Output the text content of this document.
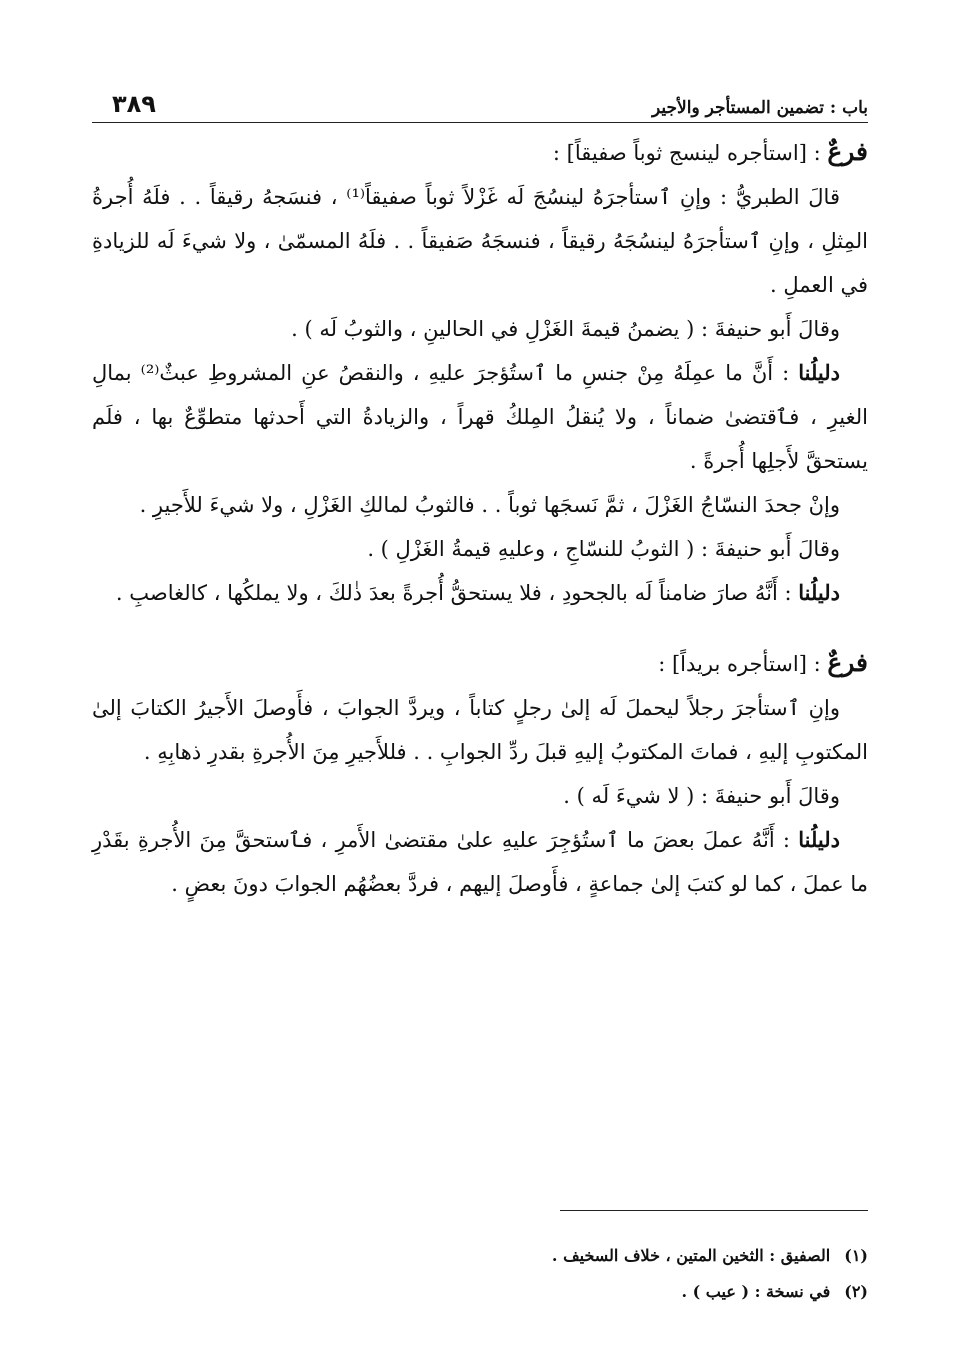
باب : تضمين المستأجر والأجير
٣٨٩

فرعٌ : [استأجره لينسج ثوباً صفيقاً] :

قالَ الطبريُّ : وإنِ ٱستأجرَهُ لينسُجَ لَه غَزْلاً ثوباً صفيقاً⁽¹⁾ ، فنسَجهُ رقيقاً . . فلَهُ أُجرةُ المِثلِ ، وإنِ ٱستأجرَهُ لينسُجَهُ رقيقاً ، فنسجَهُ صَفيقاً . . فلَهُ المسمّىٰ ، ولا شيءَ لَه للزيادةِ في العملِ .

وقالَ أَبو حنيفةَ : ( يضمنُ قيمةَ الغَزْلِ في الحالينِ ، والثوبُ لَه ) .

دليلُنا : أَنَّ ما عمِلَهُ مِنْ جنسِ ما ٱستُؤجرَ عليهِ ، والنقصُ عنِ المشروطِ عبثٌ⁽²⁾ بمالِ الغيرِ ، فٱقتضىٰ ضماناً ، ولا يُنقلُ المِلكُ قهراً ، والزيادةُ التي أَحدثها متطوِّعٌ بها ، فلَم يستحقَّ لأَجلِها أُجرةً .

وإنْ جحدَ النسّاجُ الغَزْلَ ، ثمَّ نَسجَها ثوباً . . فالثوبُ لمالكِ الغَزْلِ ، ولا شيءَ للأَجيرِ .

وقالَ أَبو حنيفةَ : ( الثوبُ للنسّاجِ ، وعليهِ قيمةُ الغَزْلِ ) .

دليلُنا : أَنَّهُ صارَ ضامناً لَه بالجحودِ ، فلا يستحقُّ أُجرةً بعدَ ذٰلكَ ، ولا يملكُها ، كالغاصبِ .

فرعٌ : [استأجره بريداً] :

وإنِ ٱستأجرَ رجلاً ليحملَ لَه إلىٰ رجلٍ كتاباً ، ويردَّ الجوابَ ، فأَوصلَ الأَجيرُ الكتابَ إلىٰ المكتوبِ إليهِ ، فماتَ المكتوبُ إليهِ قبلَ ردِّ الجوابِ . . فللأَجيرِ مِنَ الأُجرةِ بقدرِ ذهابِهِ .

وقالَ أَبو حنيفةَ : ( لا شيءَ لَه ) .

دليلُنا : أَنَّهُ عملَ بعضَ ما ٱستُؤجِرَ عليهِ علىٰ مقتضىٰ الأَمرِ ، فٱستحقَّ مِنَ الأُجرةِ بقَدْرِ ما عملَ ، كما لو كتبَ إلىٰ جماعةٍ ، فأَوصلَ إليهم ، فردَّ بعضُهُم الجوابَ دونَ بعضٍ .

(١)الصفيق : الثخين المتين ، خلاف السخيف .
(٢)في نسخة : ( عيب ) .
